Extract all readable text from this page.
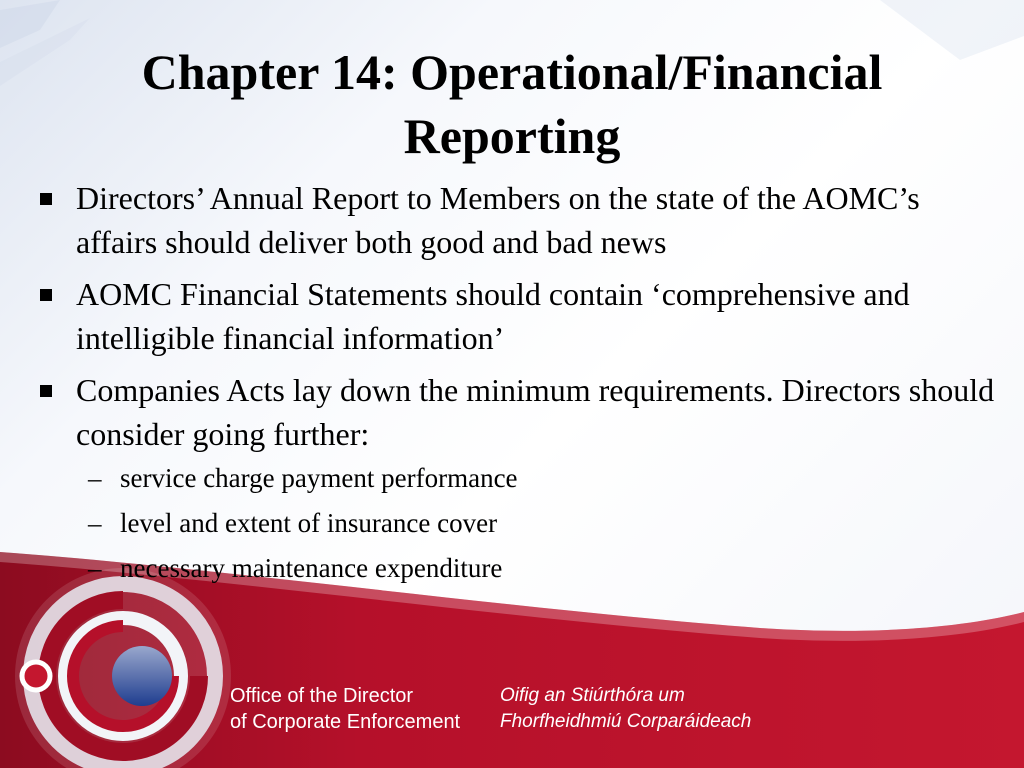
Chapter 14: Operational/Financial Reporting
Directors’ Annual Report to Members on the state of the AOMC’s affairs should deliver both good and bad news
AOMC Financial Statements should contain ‘comprehensive and intelligible financial information’
Companies Acts lay down the minimum requirements. Directors should consider going further:
– service charge payment performance
– level and extent of insurance cover
– necessary maintenance expenditure
Office of the Director
of Corporate Enforcement
Oifig an Stiúrthóra um
Fhorfheidhmiú Corparáideach
